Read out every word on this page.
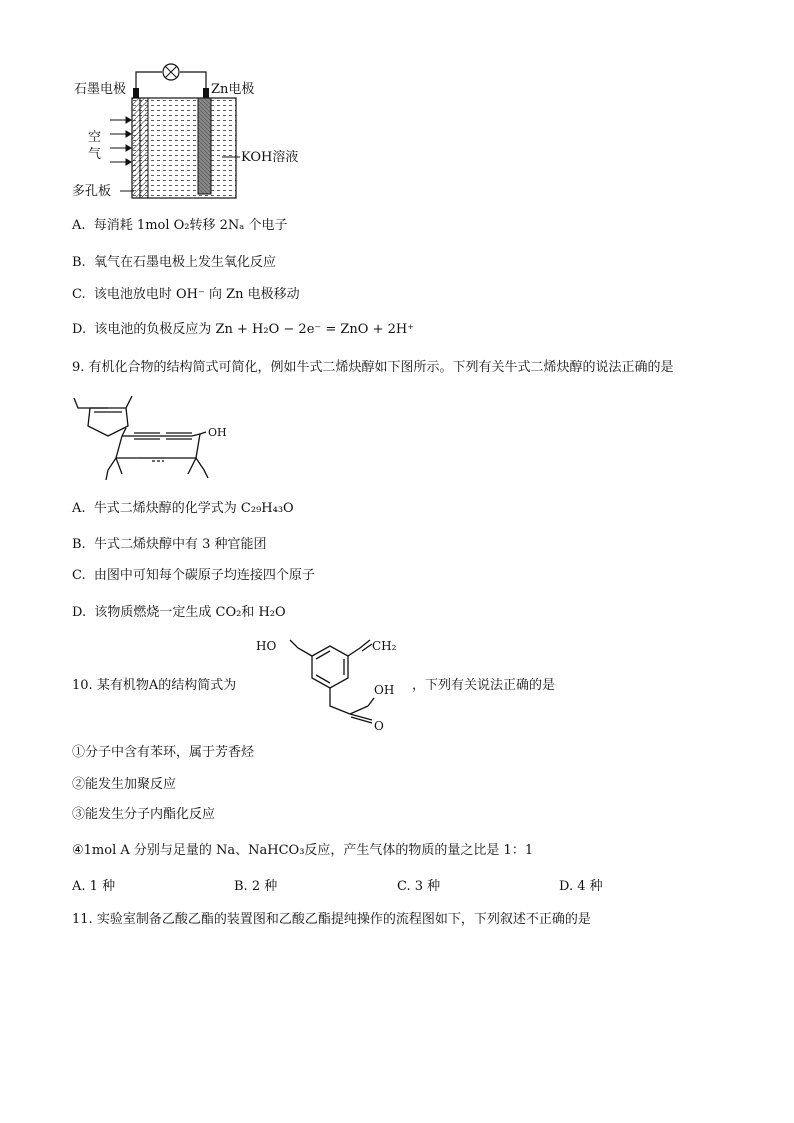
石墨电极	Zn电极
空
气	KOH溶液
多孔板
A. 每消耗 1mol O₂转移 2Nₐ 个电子
B. 氧气在石墨电极上发生氧化反应
C. 该电池放电时 OH⁻ 向 Zn 电极移动
D. 该电池的负极反应为 Zn + H₂O − 2e⁻ = ZnO + 2H⁺
9. 有机化合物的结构简式可简化，例如牛式二烯炔醇如下图所示。下列有关牛式二烯炔醇的说法正确的是
OH
A. 牛式二烯炔醇的化学式为 C₂₉H₄₃O
B. 牛式二烯炔醇中有 3 种官能团
C. 由图中可知每个碳原子均连接四个原子
D. 该物质燃烧一定生成 CO₂和 H₂O
10. 某有机物A的结构简式为
HO	CH₂
OH
O
，下列有关说法正确的是
①分子中含有苯环，属于芳香烃
②能发生加聚反应
③能发生分子内酯化反应
④1mol A 分别与足量的 Na、NaHCO₃反应，产生气体的物质的量之比是 1：1
A. 1 种	B. 2 种	C. 3 种	D. 4 种
11. 实验室制备乙酸乙酯的装置图和乙酸乙酯提纯操作的流程图如下，下列叙述不正确的是
